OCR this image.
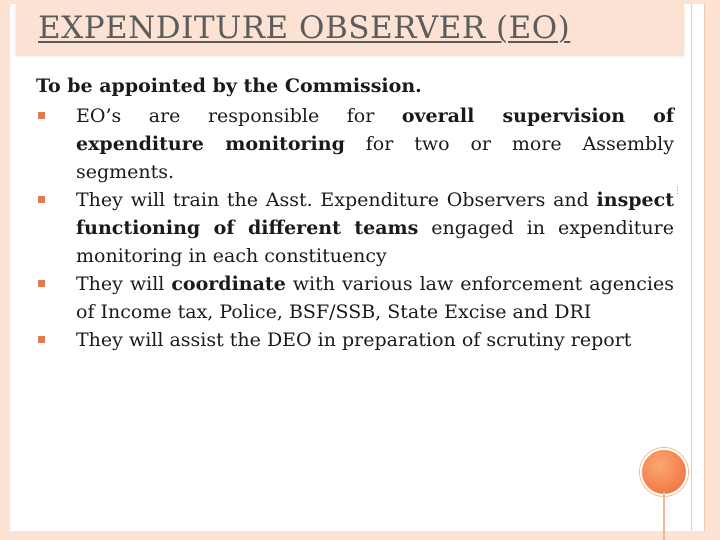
EXPENDITURE OBSERVER (EO)

To be appointed by the Commission.

EO’s are responsible for overall supervision of expenditure monitoring for two or more Assembly segments.
They will train the Asst. Expenditure Observers and inspect functioning of different teams engaged in expenditure monitoring in each constituency
They will coordinate with various law enforcement agencies of Income tax, Police, BSF/SSB, State Excise and DRI
They will assist the DEO in preparation of scrutiny report
⋮
